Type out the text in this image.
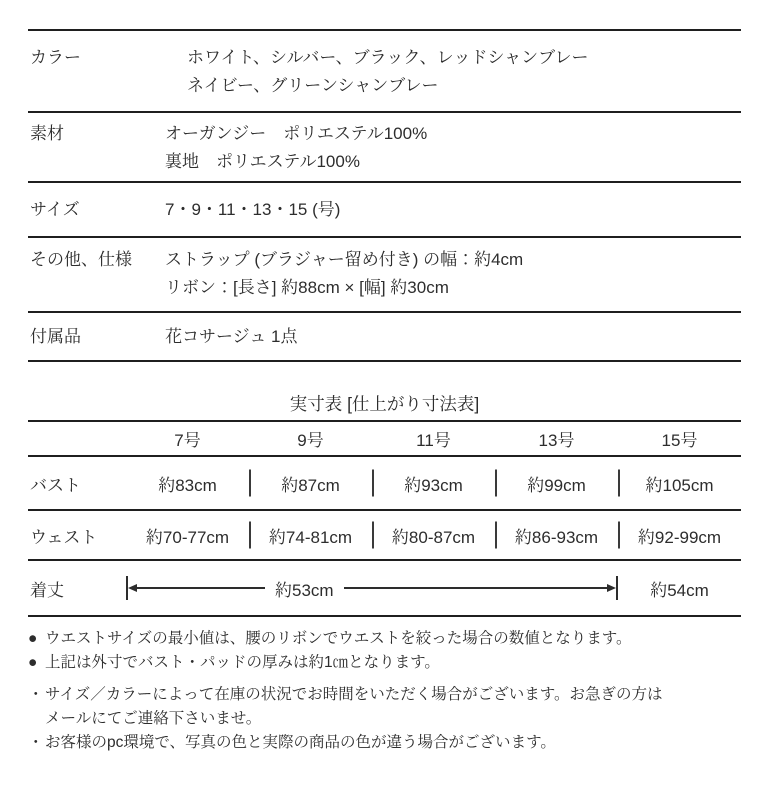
カラー	ホワイト、シルバー、ブラック、レッドシャンブレー
ネイビー、グリーンシャンブレー
素材	オーガンジー　ポリエステル100%
裏地　ポリエステル100%
サイズ	7・9・11・13・15 (号)
その他、仕様	ストラップ (ブラジャー留め付き) の幅：約4cm
リボン：[長さ] 約88cm × [幅] 約30cm
付属品	花コサージュ 1点
実寸表 [仕上がり寸法表]
7号	9号	11号	13号	15号
バスト	約83cm	約87cm	約93cm	約99cm	約105cm
ウェスト	約70-77cm	約74-81cm	約80-87cm	約86-93cm	約92-99cm
着丈	約53cm	約54cm
● ウエストサイズの最小値は、腰のリボンでウエストを絞った場合の数値となります。
● 上記は外寸でバスト・パッドの厚みは約1㎝となります。
・ サイズ／カラーによって在庫の状況でお時間をいただく場合がございます。お急ぎの方は
メールにてご連絡下さいませ。
・ お客様のpc環境で、写真の色と実際の商品の色が違う場合がございます。
